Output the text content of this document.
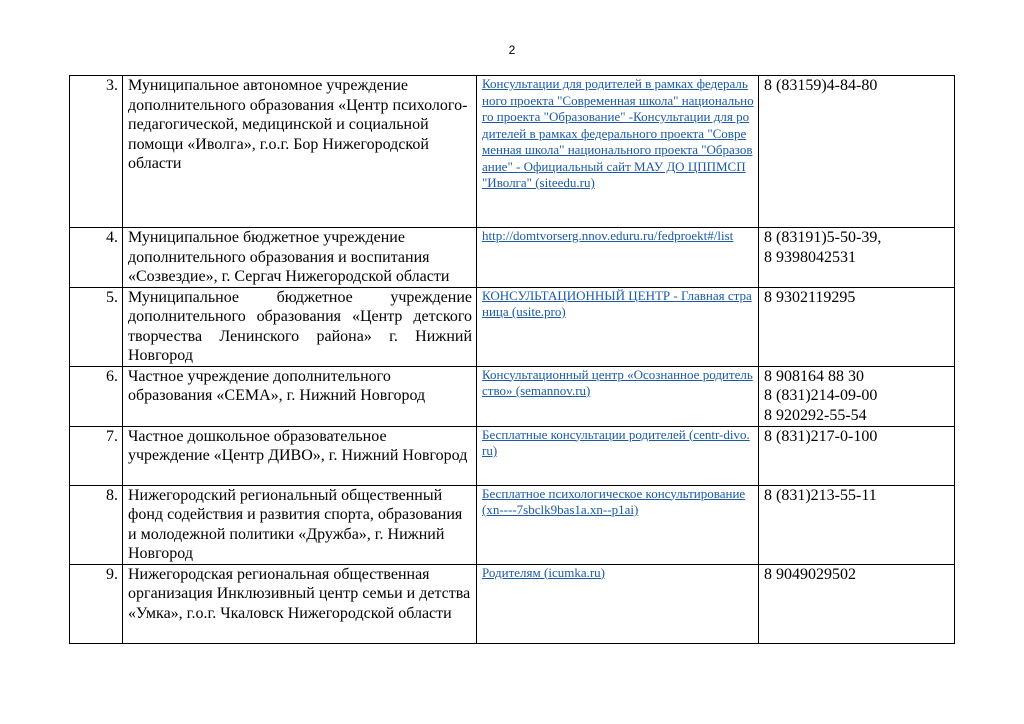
2
3.	Муниципальное автономное учреждение дополнительного образования «Центр психолого-педагогической, медицинской и социальной помощи «Иволга», г.о.г. Бор Нижегородской области	Консультации для родителей в рамках федерального проекта "Современная школа" национального проекта "Образование" -Консультации для родителей в рамках федерального проекта "Современная школа" национального проекта "Образование" - Официальный сайт МАУ ДО ЦППМСП "Иволга" (siteedu.ru)	8 (83159)4-84-80

4.	Муниципальное бюджетное учреждение дополнительного образования и воспитания «Созвездие», г. Сергач Нижегородской области	http://domtvorserg.nnov.eduru.ru/fedproekt#/list	8 (83191)5-50-39,
8 9398042531

5.	Муниципальное бюджетное учреждение дополнительного образования «Центр детского творчества Ленинского района» г. Нижний Новгород	КОНСУЛЬТАЦИОННЫЙ ЦЕНТР - Главная страница (usite.pro)	8 9302119295

6.	Частное учреждение дополнительного образования «СЕМА», г. Нижний Новгород	Консультационный центр «Осознанное родительство» (semannov.ru)	8 908164 88 30
8 (831)214-09-00
8 920292-55-54

7.	Частное дошкольное образовательное учреждение «Центр ДИВО», г. Нижний Новгород	Бесплатные консультации родителей (centr-divo.ru)	8 (831)217-0-100

8.	Нижегородский региональный общественный фонд содействия и развития спорта, образования и молодежной политики «Дружба», г. Нижний Новгород	Бесплатное психологическое консультирование (xn----7sbclk9bas1a.xn--p1ai)	8 (831)213-55-11

9.	Нижегородская региональная общественная организация Инклюзивный центр семьи и детства «Умка», г.о.г. Чкаловск Нижегородской области	Родителям (icumka.ru)	8 9049029502
